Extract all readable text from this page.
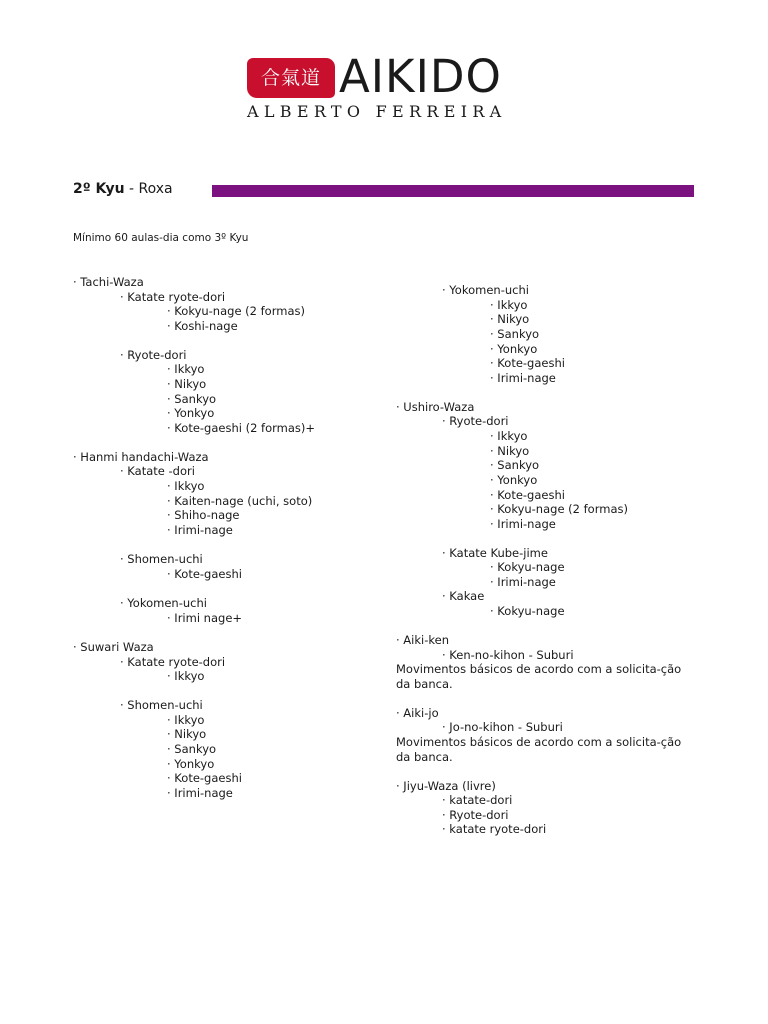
合氣道 AIKIDO
ALBERTO FERREIRA
2º Kyu - Roxa
Mínimo 60 aulas-dia como 3º Kyu
· Tachi-Waza
· Katate ryote-dori
· Kokyu-nage (2 formas)
· Koshi-nage
· Ryote-dori
· Ikkyo
· Nikyo
· Sankyo
· Yonkyo
· Kote-gaeshi (2 formas)+
· Hanmi handachi-Waza
· Katate -dori
· Ikkyo
· Kaiten-nage (uchi, soto)
· Shiho-nage
· Irimi-nage
· Shomen-uchi
· Kote-gaeshi
· Yokomen-uchi
· Irimi nage+
· Suwari Waza
· Katate ryote-dori
· Ikkyo
· Shomen-uchi
· Ikkyo
· Nikyo
· Sankyo
· Yonkyo
· Kote-gaeshi
· Irimi-nage
· Yokomen-uchi
· Ikkyo
· Nikyo
· Sankyo
· Yonkyo
· Kote-gaeshi
· Irimi-nage
· Ushiro-Waza
· Ryote-dori
· Ikkyo
· Nikyo
· Sankyo
· Yonkyo
· Kote-gaeshi
· Kokyu-nage (2 formas)
· Irimi-nage
· Katate Kube-jime
· Kokyu-nage
· Irimi-nage
· Kakae
· Kokyu-nage
· Aiki-ken
· Ken-no-kihon - Suburi
Movimentos básicos de acordo com a solicita-ção da banca.
· Aiki-jo
· Jo-no-kihon - Suburi
Movimentos básicos de acordo com a solicita-ção da banca.
· Jiyu-Waza (livre)
· katate-dori
· Ryote-dori
· katate ryote-dori
